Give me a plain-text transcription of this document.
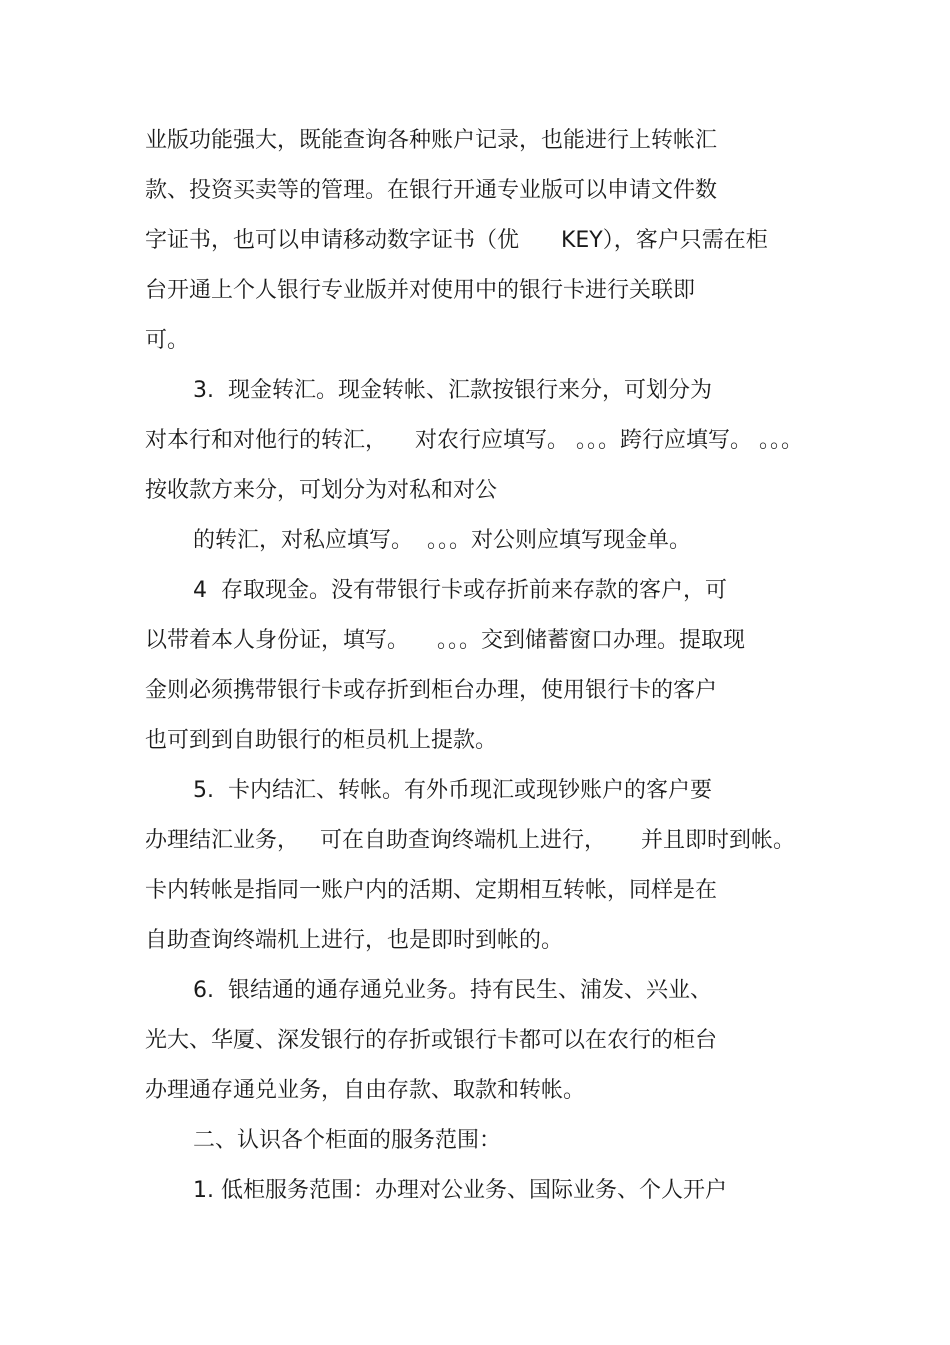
业版功能强大，既能查询各种账户记录，也能进行上转帐汇
款、投资买卖等的管理。在银行开通专业版可以申请文件数
字证书，也可以申请移动数字证书（优      KEY），客户只需在柜
台开通上个人银行专业版并对使用中的银行卡进行关联即
可。
3.  现金转汇。现金转帐、汇款按银行来分，可划分为
对本行和对他行的转汇，    对农行应填写。 。。。跨行应填写。 。。。
按收款方来分，可划分为对私和对公
的转汇，对私应填写。  。。。对公则应填写现金单。
4  存取现金。没有带银行卡或存折前来存款的客户，可
以带着本人身份证，填写。    。。。交到储蓄窗口办理。提取现
金则必须携带银行卡或存折到柜台办理，使用银行卡的客户
也可到到自助银行的柜员机上提款。
5.  卡内结汇、转帐。有外币现汇或现钞账户的客户要
办理结汇业务，   可在自助查询终端机上进行，     并且即时到帐。
卡内转帐是指同一账户内的活期、定期相互转帐，同样是在
自助查询终端机上进行，也是即时到帐的。
6.  银结通的通存通兑业务。持有民生、浦发、兴业、
光大、华厦、深发银行的存折或银行卡都可以在农行的柜台
办理通存通兑业务，自由存款、取款和转帐。
二、认识各个柜面的服务范围：
1. 低柜服务范围：办理对公业务、国际业务、个人开户
